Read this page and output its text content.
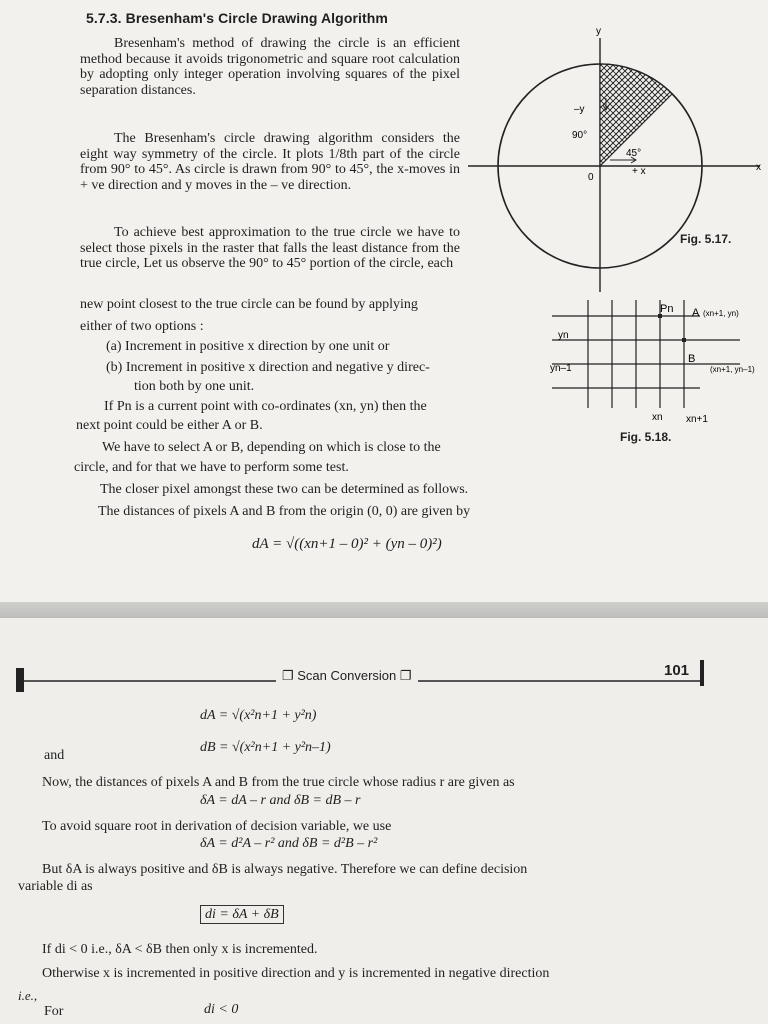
5.7.3. Bresenham's Circle Drawing Algorithm
Bresenham's method of drawing the circle is an efficient method because it avoids trigonometric and square root calculation by adopting only integer operation involving squares of the pixel separation distances.
The Bresenham's circle drawing algorithm considers the eight way symmetry of the circle. It plots 1/8th part of the circle from 90° to 45°. As circle is drawn from 90° to 45°, the x-moves in + ve direction and y moves in the – ve direction.
To achieve best approximation to the true circle we have to select those pixels in the raster that falls the least distance from the true circle, Let us observe the 90° to 45° portion of the circle, each
new point closest to the true circle can be found by applying
either of two options :
(a) Increment in positive x direction by one unit or
(b) Increment in positive x direction and negative y direc-
tion both by one unit.
If Pn is a current point with co-ordinates (xn, yn) then the
next point could be either A or B.
We have to select A or B, depending on which is close to the
circle, and for that we have to perform some test.
The closer pixel amongst these two can be determined as follows.
The distances of pixels A and B from the origin (0, 0) are given by
dA = √((xn+1 – 0)² + (yn – 0)²)
y
–y
x
90°
45°
0
+ x
Fig. 5.17.
Pn A (xn+1, yn)
B
(xn+1, yn–1)
yn
yn–1
xn xn+1
Fig. 5.18.
❐ Scan Conversion ❐	101
dA = √(x²n+1 + y²n)
and
dB = √(x²n+1 + y²n–1)
Now, the distances of pixels A and B from the true circle whose radius r are given as
δA = dA – r and δB = dB – r
To avoid square root in derivation of decision variable, we use
δA = d²A – r² and δB = d²B – r²
But δA is always positive and δB is always negative. Therefore we can define decision
variable di as
di = δA + δB
If di < 0 i.e., δA < δB then only x is incremented.
Otherwise x is incremented in positive direction and y is incremented in negative direction
i.e.,
For	di < 0
